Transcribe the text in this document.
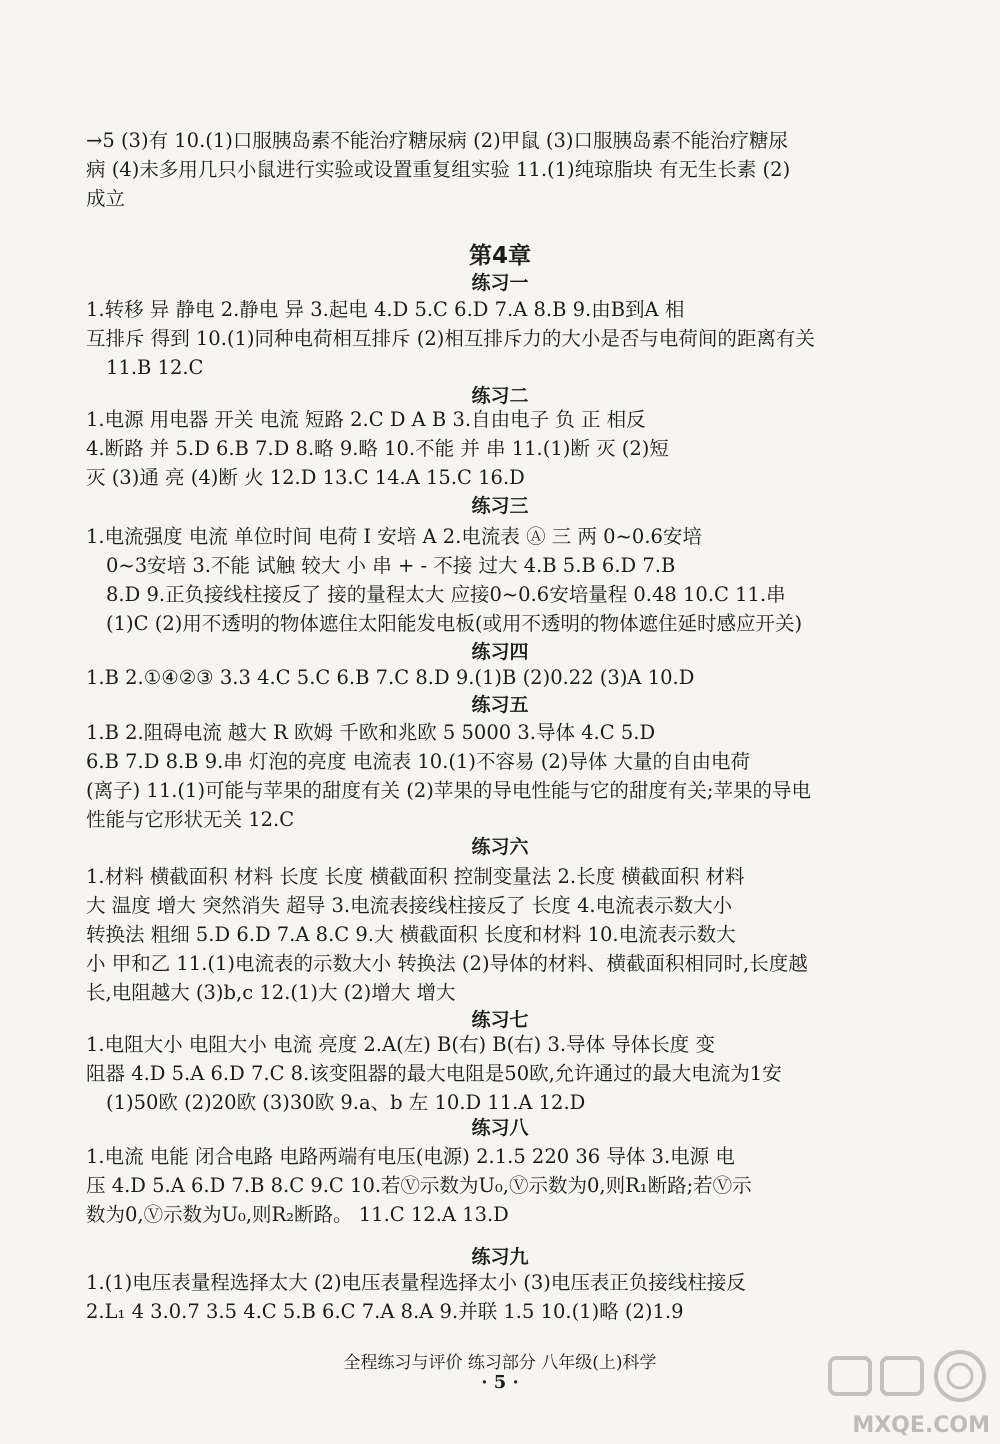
→5 (3)有 10.(1)口服胰岛素不能治疗糖尿病 (2)甲鼠 (3)口服胰岛素不能治疗糖尿
病 (4)未多用几只小鼠进行实验或设置重复组实验 11.(1)纯琼脂块 有无生长素 (2)
成立
第4章
练习一
1.转移 异 静电 2.静电 异 3.起电 4.D 5.C 6.D 7.A 8.B 9.由B到A 相
互排斥 得到 10.(1)同种电荷相互排斥 (2)相互排斥力的大小是否与电荷间的距离有关
11.B 12.C
练习二
1.电源 用电器 开关 电流 短路 2.C D A B 3.自由电子 负 正 相反
4.断路 并 5.D 6.B 7.D 8.略 9.略 10.不能 并 串 11.(1)断 灭 (2)短
灭 (3)通 亮 (4)断 火 12.D 13.C 14.A 15.C 16.D
练习三
1.电流强度 电流 单位时间 电荷 I 安培 A 2.电流表 Ⓐ 三 两 0~0.6安培
0~3安培 3.不能 试触 较大 小 串 + - 不接 过大 4.B 5.B 6.D 7.B
8.D 9.正负接线柱接反了 接的量程太大 应接0~0.6安培量程 0.48 10.C 11.串
(1)C (2)用不透明的物体遮住太阳能发电板(或用不透明的物体遮住延时感应开关)
练习四
1.B 2.①④②③ 3.3 4.C 5.C 6.B 7.C 8.D 9.(1)B (2)0.22 (3)A 10.D
练习五
1.B 2.阻碍电流 越大 R 欧姆 千欧和兆欧 5 5000 3.导体 4.C 5.D
6.B 7.D 8.B 9.串 灯泡的亮度 电流表 10.(1)不容易 (2)导体 大量的自由电荷
(离子) 11.(1)可能与苹果的甜度有关 (2)苹果的导电性能与它的甜度有关;苹果的导电
性能与它形状无关 12.C
练习六
1.材料 横截面积 材料 长度 长度 横截面积 控制变量法 2.长度 横截面积 材料
大 温度 增大 突然消失 超导 3.电流表接线柱接反了 长度 4.电流表示数大小
转换法 粗细 5.D 6.D 7.A 8.C 9.大 横截面积 长度和材料 10.电流表示数大
小 甲和乙 11.(1)电流表的示数大小 转换法 (2)导体的材料、横截面积相同时,长度越
长,电阻越大 (3)b,c 12.(1)大 (2)增大 增大
练习七
1.电阻大小 电阻大小 电流 亮度 2.A(左) B(右) B(右) 3.导体 导体长度 变
阻器 4.D 5.A 6.D 7.C 8.该变阻器的最大电阻是50欧,允许通过的最大电流为1安
(1)50欧 (2)20欧 (3)30欧 9.a、b 左 10.D 11.A 12.D
练习八
1.电流 电能 闭合电路 电路两端有电压(电源) 2.1.5 220 36 导体 3.电源 电
压 4.D 5.A 6.D 7.B 8.C 9.C 10.若Ⓥ示数为U₀,Ⓥ示数为0,则R₁断路;若Ⓥ示
数为0,Ⓥ示数为U₀,则R₂断路。 11.C 12.A 13.D
练习九
1.(1)电压表量程选择太大 (2)电压表量程选择太小 (3)电压表正负接线柱接反
2.L₁ 4 3.0.7 3.5 4.C 5.B 6.C 7.A 8.A 9.并联 1.5 10.(1)略 (2)1.9
全程练习与评价 练习部分 八年级(上)科学
· 5 ·
MXQE.COM
